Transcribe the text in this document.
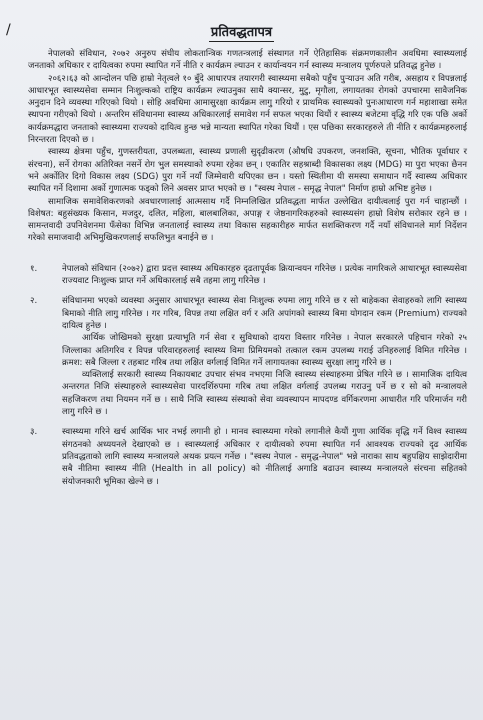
/	प्रतिवद्धतापत्र

नेपालको संविधान, २०७२ अनुरुप संघीय लोकतान्त्रिक गणतन्त्रलाई संस्थागत गर्ने ऐतिहासिक संक्रमणकालीन अवधिमा स्वास्थ्यलाई जनताको अधिकार र दायित्वका रुपमा स्थापित गर्ने नीति र कार्यक्रम ल्याउन र कार्यान्वयन गर्न स्वास्थ्य मन्त्रालय पूर्णरुपले प्रतिवद्ध हुनेछ ।

२०६२।६३ को आन्दोलन पछि हाम्रो नेतृत्वले १० बुँदे आधारपत्र तयारगरी स्वास्थ्यमा सबैको पहुँच पुऱ्याउन अति गरीब, असहाय र विपन्नलाई आधारभूत स्वास्थ्यसेवा सम्मान निःशुल्कको राष्ट्रिय कार्यक्रम ल्याउनुका साथै क्यान्सर, मुटु, मृगौला, लगायतका रोगको उपचारमा सावैजनिक अनुदान दिने व्यवस्था गरिएको थियो । सोहि अवधिमा आमासुरक्षा कार्यक्रम लागु गरियो र प्राथमिक स्वास्थ्यको पुनःआधारण गर्न महाशाखा समेत स्थापना गरीएको थियो । अन्तरिम संविधानमा स्वास्थ्य अधिकारलाई समावेश गर्न सफल भएका थियौं र स्वास्थ्य बजेटमा वृद्धि गरि एक पछि अर्को कार्यक्रमद्धारा जनताको स्वास्थ्यमा राज्यको दायित्व हुन्छ भन्ने मान्यता स्थापित गरेका थियौं । एस पछिका सरकारहरुले ती नीति र कार्यक्रमहरुलाई निरन्तरता दिएको छ ।

स्वास्थ्य क्षेत्रमा पहुँच, गुणस्तरीयता, उपलब्धता, स्वास्थ्य प्रणाली सुदृढीकरण (औषधि उपकरण, जनशक्ति, सूचना, भौतिक पूर्वाधार र संरचना), सर्ने रोगका अतिरिक्त नसर्ने रोग भुल समस्याको रुपमा रहेका छन् । एकातिर सहश्राब्दी विकासका लक्ष्य (MDG) मा पुरा भएका छैनन भने अर्कोतिर दिगो विकास लक्ष्य (SDG) पुरा गर्ने नयाँ जिम्मेवारी थपिएका छन । यस्तो स्थितीमा यी समस्या समाधान गर्दै स्वास्थ्य अधिकार स्थापित गर्ने दिशामा अर्को गुणात्मक फड्को लिने अवसर प्राप्त भएको छ । "स्वस्थ नेपाल - समृद्ध नेपाल" निर्माण हाम्रो अभिष्ट हुनेछ ।

सामाजिक समावेशिकरणको अवधारणालाई आत्मसाथ गर्दै निम्नलिखित प्रतिवद्धता मार्फत उल्लेखित दायीत्वलाई पुरा गर्न चाहान्छौं । विशेषत: बहुसंख्यक किसान, मजदुर, दलित, महिला, बालबालिका, अपाङ्ग र जेष्ठनागरिकहरुको स्वास्थ्यसंग हाम्रो विशेष सरोकार रहने छ । सामन्तवादी उपनिवेशनमा फँसेका विभिन्न जनतालाई स्वास्थ्य तथा विकास सहकारीहरु मार्फत सशक्तिकरण गर्दै नयाँ संविधानले मार्ग निर्देशन गरेको समाजवादी अभिमुखिकरणलाई सफलिभुत बनाईने छ ।

१.	नेपालको संविधान (२०७२) द्वारा प्रदत्त स्वास्थ्य अधिकारहरु दृढतापूर्वक क्रियान्वयन गरिनेछ । प्रत्येक नागरिकले आधारभूत स्वास्थ्यसेवा राज्यवाट निःशुल्क प्राप्त गर्ने अधिकारलाई सबै तहमा लागु गरिनेछ ।
२.	संविधानमा भएको व्यवस्था अनुसार आधारभूत स्वास्थ्य सेवा निःशुल्क रुपमा लागु गरिने छ र सो बाहेकका सेवाहरुको लागि स्वास्थ्य बिमाको नीति लागु गरिनेछ । गर गरिब, विपन्न तथा लक्षित वर्ग र अति अपांगको स्वास्थ्य बिमा योगदान रकम (Premium) राज्यको दायित्व हुनेछ ।
आर्थिक जोखिमको सुरक्षा प्रत्याभूति गर्न सेवा र सुविधाको दायरा विस्तार गरिनेछ । नेपाल सरकारले पहिचान गरेको २५ जिल्लाका अतिगरिव र विपन्न परिवारहरुलाई स्वास्थ्य विमा प्रिमियमको तत्काल रकम उपलब्ध गराई उनिहरुलाई विमित गरिनेछ । क्रमश: सबै जिल्ला र तहबाट गरिब तथा लक्षित वर्गलाई विमित गर्ने लागायतका स्वास्थ्य सुरक्षा लागु गरिने छ ।
व्यक्तिलाई सरकारी स्वास्थ्य निकायबाट उपचार संभव नभएमा निजि स्वास्थ्य संस्थाहरुमा प्रेषित गरिने छ । सामाजिक दायित्व अन्तरगत निजि संस्थाहरुले स्वास्थ्यसेवा पारदर्शिरुपमा गरिब तथा लक्षित वर्गलाई उपलब्ध गराउनु पर्ने छ र सो को मन्त्रालयले सहजिकरण तथा नियमन गर्ने छ । साथै निजि स्वास्थ्य संस्थाको सेवा व्यवस्थापन मापदण्ड वर्गिकरणमा आधारीत गरि परिमार्जन गरी लागु गरिने छ ।
३.	स्वास्थ्यमा गरिने खर्च आर्थिक भार नभई लगानी हो । मानव स्वास्थ्यमा गरेको लगानीले कैयौं गुणा आर्थिक वृद्धि गर्ने विश्व स्वास्थ्य संगठनको अध्ययनले देखाएको छ । स्वास्थ्यलाई अधिकार र दायीत्वको रुपमा स्थापित गर्न आवश्यक राज्यको दृढ आर्थिक प्रतिवद्धताको लागि स्वास्थ्य मन्त्रालयले अथक प्रयत्न गर्नेछ । "स्वस्थ नेपाल - समृद्ध-नेपाल" भन्ने नाराका साथ बहुपक्षिय साझेदारीमा सबै नीतिमा स्वास्थ्य नीति (Health in all policy) को नीतिलाई अगाडि बढाउन स्वास्थ्य मन्त्रालयले संरचना सहितको संयोजनकारी भूमिका खेल्ने छ ।
